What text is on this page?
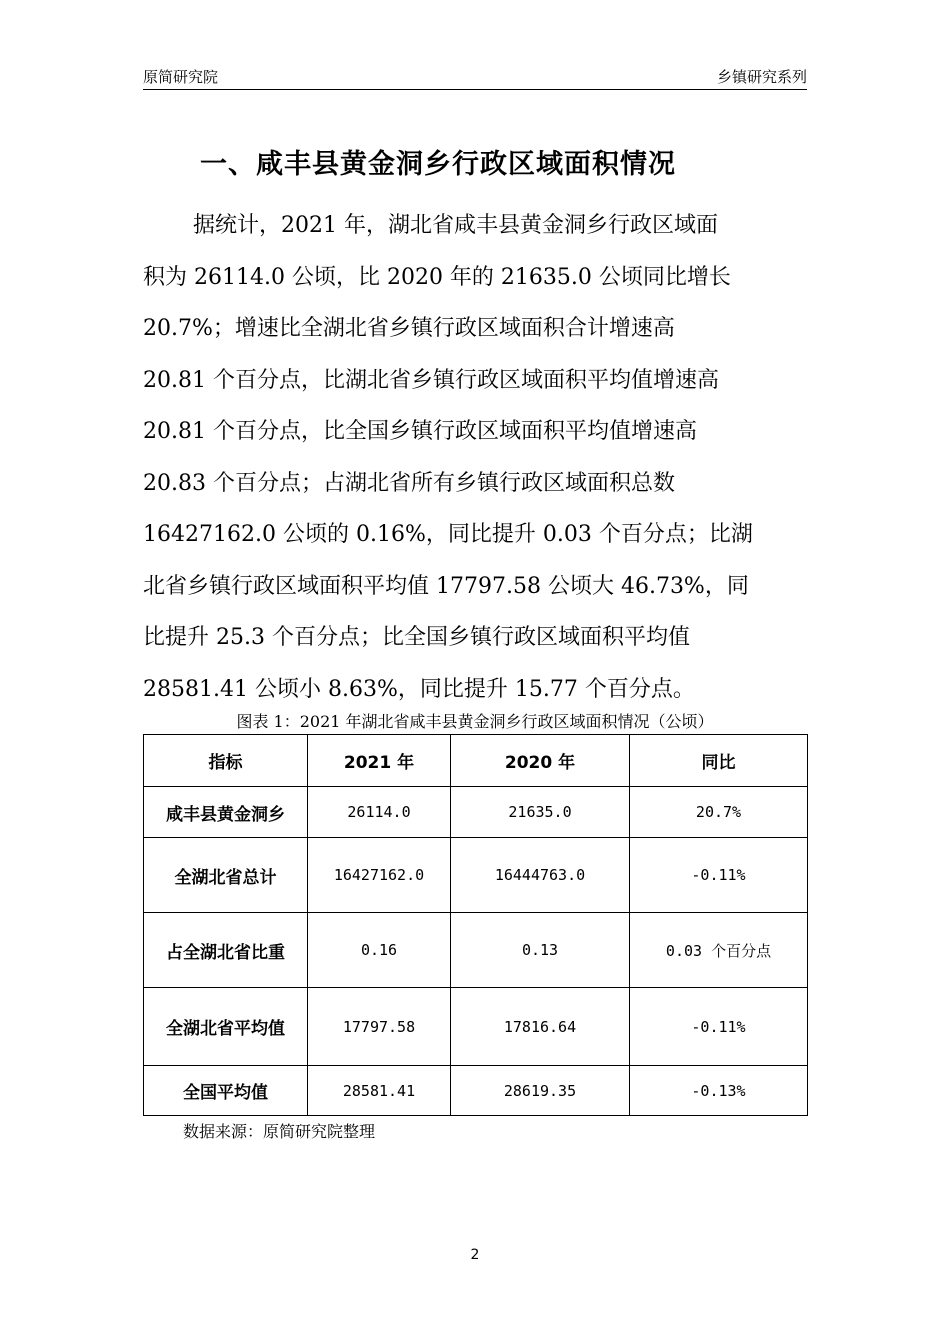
原简研究院	乡镇研究系列
一、咸丰县黄金洞乡行政区域面积情况
据统计，2021 年，湖北省咸丰县黄金洞乡行政区域面
积为 26114.0 公顷，比 2020 年的 21635.0 公顷同比增长
20.7%；增速比全湖北省乡镇行政区域面积合计增速高
20.81 个百分点，比湖北省乡镇行政区域面积平均值增速高
20.81 个百分点，比全国乡镇行政区域面积平均值增速高
20.83 个百分点；占湖北省所有乡镇行政区域面积总数
16427162.0 公顷的 0.16%，同比提升 0.03 个百分点；比湖
北省乡镇行政区域面积平均值 17797.58 公顷大 46.73%，同
比提升 25.3 个百分点；比全国乡镇行政区域面积平均值
28581.41 公顷小 8.63%，同比提升 15.77 个百分点。
图表 1：2021 年湖北省咸丰县黄金洞乡行政区域面积情况（公顷）
指标	2021 年	2020 年	同比
咸丰县黄金洞乡	26114.0	21635.0	20.7%
全湖北省总计	16427162.0	16444763.0	-0.11%
占全湖北省比重	0.16	0.13	0.03 个百分点
全湖北省平均值	17797.58	17816.64	-0.11%
全国平均值	28581.41	28619.35	-0.13%
数据来源：原简研究院整理
2
